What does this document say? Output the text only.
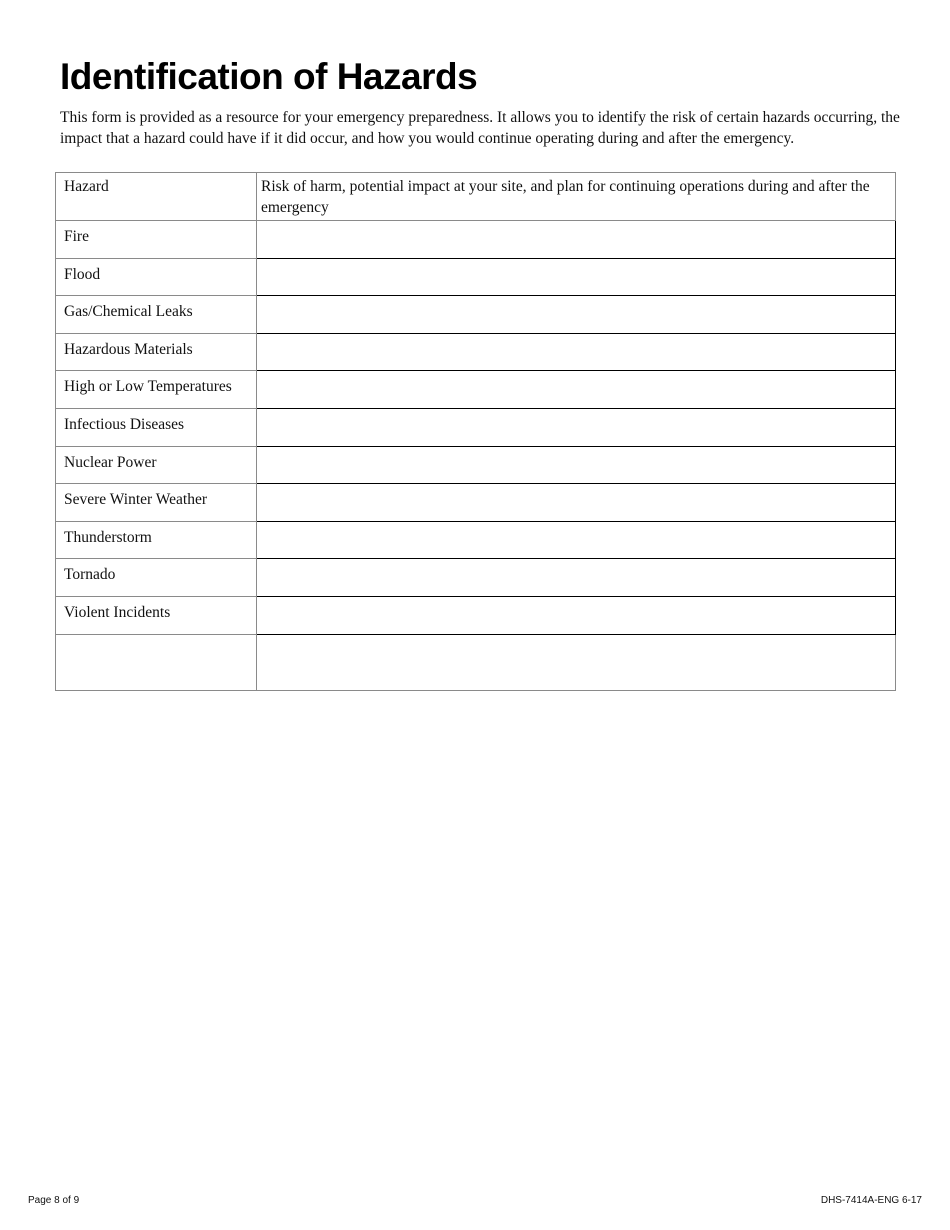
Identification of Hazards

This form is provided as a resource for your emergency preparedness. It allows you to identify the risk of certain hazards occurring, the impact that a hazard could have if it did occur, and how you would continue operating during and after the emergency.

Hazard	Risk of harm, potential impact at your site, and plan for continuing operations during and after the emergency
Fire	
Flood	
Gas/Chemical Leaks	
Hazardous Materials	
High or Low Temperatures	
Infectious Diseases	
Nuclear Power	
Severe Winter Weather	
Thunderstorm	
Tornado	
Violent Incidents	

Page 8 of 9	DHS-7414A-ENG 6-17
